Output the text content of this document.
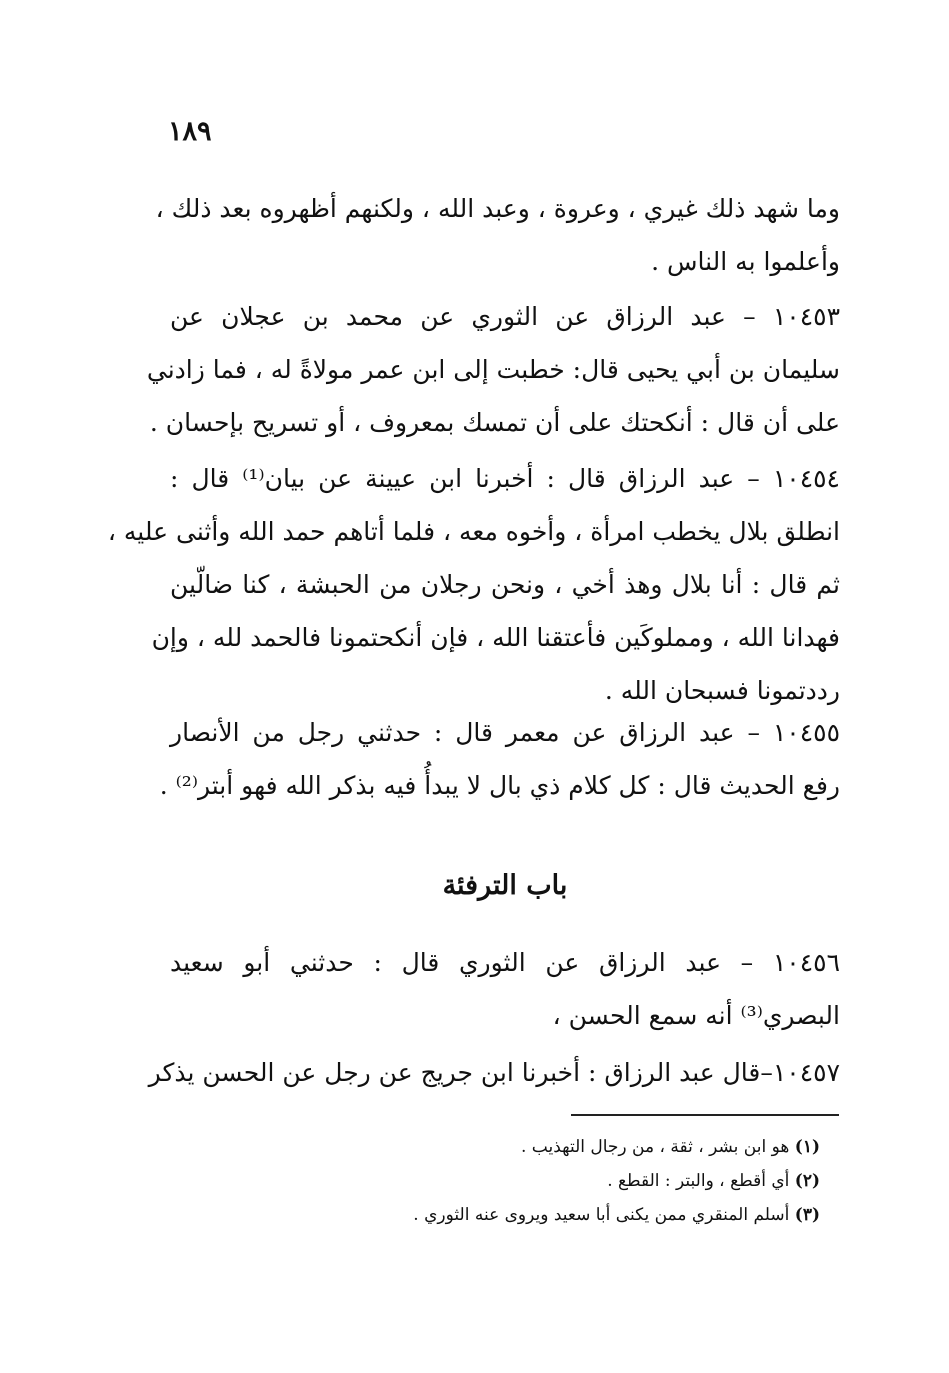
١٨٩
وما شهد ذلك غيري ، وعروة ، وعبد الله ، ولكنهم أظهروه بعد ذلك ،
وأعلموا به الناس .
١٠٤٥٣ – عبد الرزاق عن الثوري عن محمد بن عجلان عن
سليمان بن أبي يحيى قال: خطبت إلى ابن عمر مولاةً له ، فما زادني
على أن قال : أنكحتك على أن تمسك بمعروف ، أو تسريح بإحسان .
١٠٤٥٤ – عبد الرزاق قال : أخبرنا ابن عيينة عن بيان⁽¹⁾ قال :
انطلق بلال يخطب امرأة ، وأخوه معه ، فلما أتاهم حمد الله وأثنى عليه ،
ثم قال : أنا بلال وهذ أخي ، ونحن رجلان من الحبشة ، كنا ضالّين
فهدانا الله ، ومملوكَين فأعتقنا الله ، فإن أنكحتمونا فالحمد لله ، وإن
رددتمونا فسبحان الله .
١٠٤٥٥ – عبد الرزاق عن معمر قال : حدثني رجل من الأنصار
رفع الحديث قال : كل كلام ذي بال لا يبدأُ فيه بذكر الله فهو أبتر⁽²⁾ .
باب الترفئة
١٠٤٥٦ – عبد الرزاق عن الثوري قال : حدثني أبو سعيد
البصري⁽³⁾ أنه سمع الحسن ،
١٠٤٥٧–قال عبد الرزاق : أخبرنا ابن جريج عن رجل عن الحسن يذكر
(١) هو ابن بشر ، ثقة ، من رجال التهذيب .
(٢) أي أقطع ، والبتر : القطع .
(٣) أسلم المنقري ممن يكنى أبا سعيد ويروى عنه الثوري .
